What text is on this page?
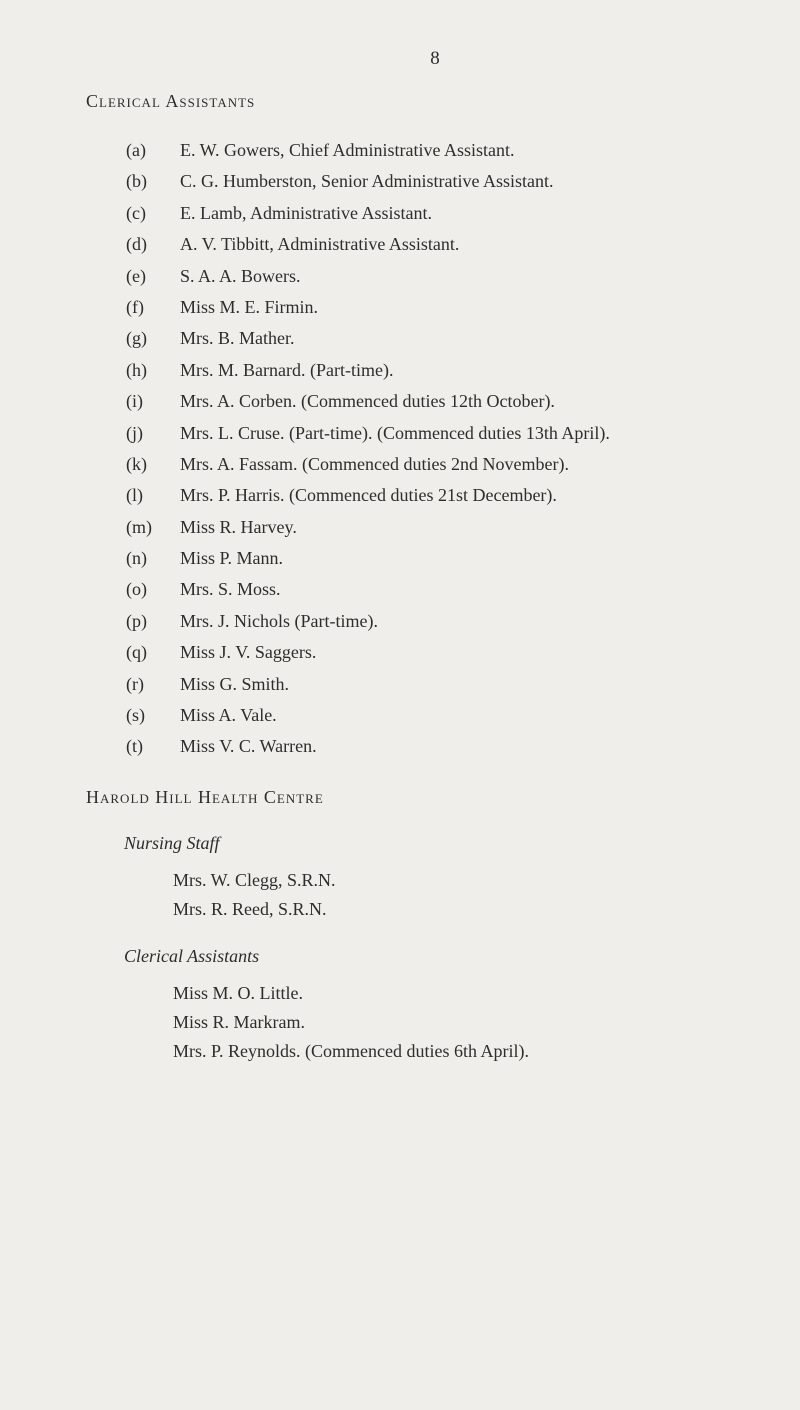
8
Clerical Assistants
(a) E. W. Gowers, Chief Administrative Assistant.
(b) C. G. Humberston, Senior Administrative Assistant.
(c) E. Lamb, Administrative Assistant.
(d) A. V. Tibbitt, Administrative Assistant.
(e) S. A. A. Bowers.
(f) Miss M. E. Firmin.
(g) Mrs. B. Mather.
(h) Mrs. M. Barnard. (Part-time).
(i) Mrs. A. Corben. (Commenced duties 12th October).
(j) Mrs. L. Cruse. (Part-time). (Commenced duties 13th April).
(k) Mrs. A. Fassam. (Commenced duties 2nd November).
(l) Mrs. P. Harris. (Commenced duties 21st December).
(m) Miss R. Harvey.
(n) Miss P. Mann.
(o) Mrs. S. Moss.
(p) Mrs. J. Nichols (Part-time).
(q) Miss J. V. Saggers.
(r) Miss G. Smith.
(s) Miss A. Vale.
(t) Miss V. C. Warren.
Harold Hill Health Centre
Nursing Staff
Mrs. W. Clegg, S.R.N.
Mrs. R. Reed, S.R.N.
Clerical Assistants
Miss M. O. Little.
Miss R. Markram.
Mrs. P. Reynolds. (Commenced duties 6th April).
